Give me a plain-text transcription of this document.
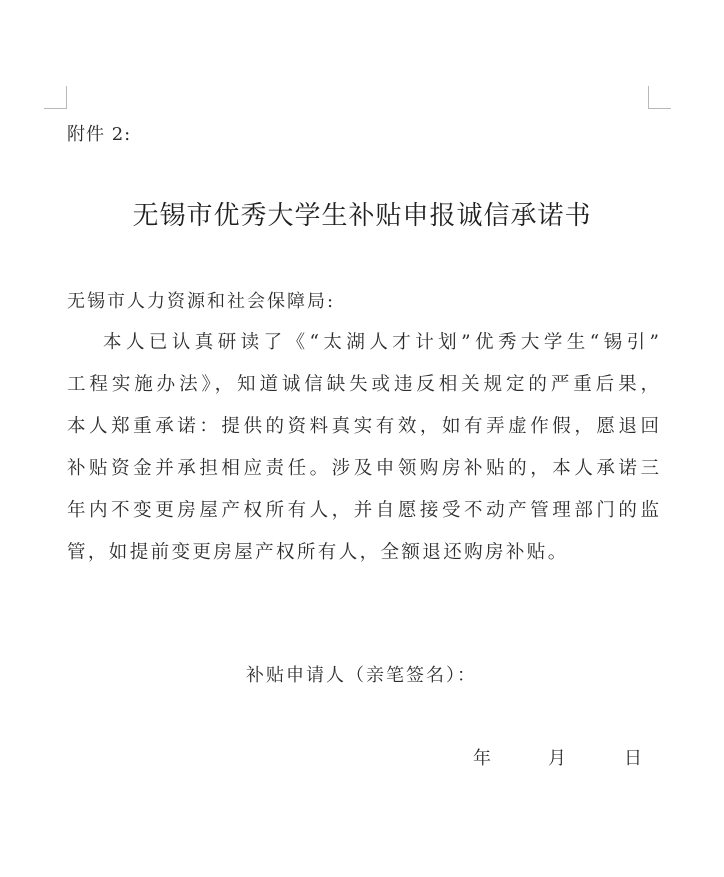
附件 2:
无锡市优秀大学生补贴申报诚信承诺书
无锡市人力资源和社会保障局:
本人已认真研读了《“太湖人才计划”优秀大学生“锡引”
工程实施办法》，知道诚信缺失或违反相关规定的严重后果，
本人郑重承诺：提供的资料真实有效，如有弄虚作假，愿退回
补贴资金并承担相应责任。涉及申领购房补贴的，本人承诺三
年内不变更房屋产权所有人，并自愿接受不动产管理部门的监
管，如提前变更房屋产权所有人，全额退还购房补贴。
补贴申请人（亲笔签名）：
年	月	日
